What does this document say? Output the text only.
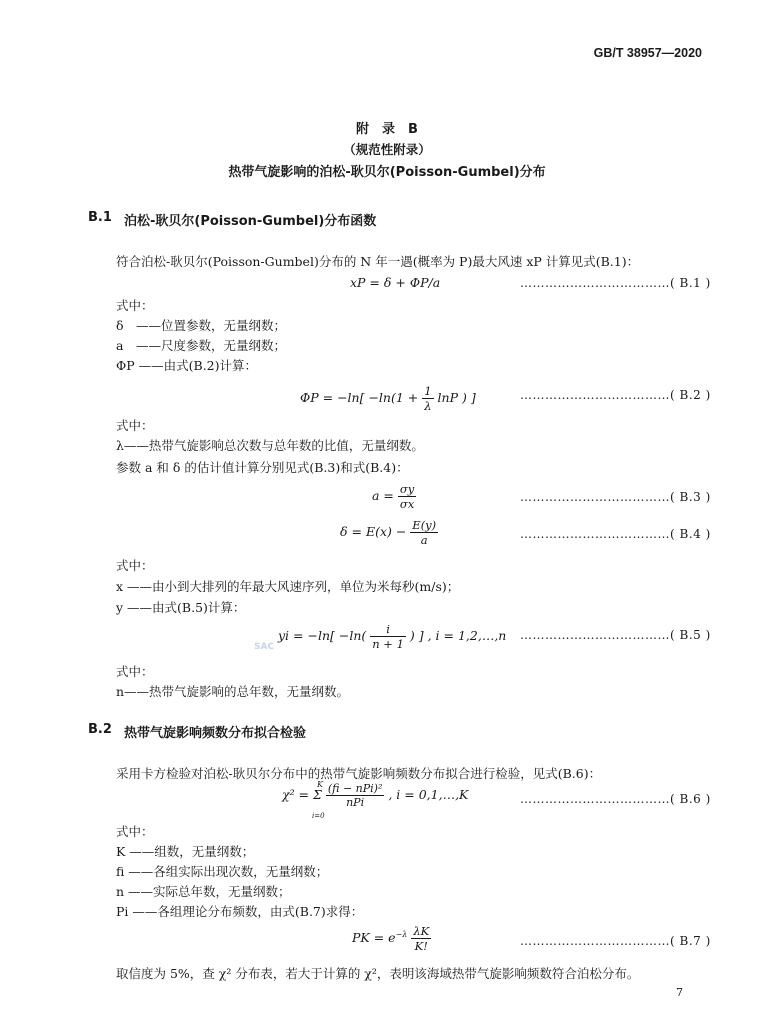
GB/T 38957—2020
附　录　B
（规范性附录）
热带气旋影响的泊松-耿贝尔(Poisson-Gumbel)分布
B.1 泊松-耿贝尔(Poisson-Gumbel)分布函数
符合泊松-耿贝尔(Poisson-Gumbel)分布的 N 年一遇(概率为 P)最大风速 xP 计算见式(B.1)：
xP = δ + ΦP/a	………………………………( B.1 )
式中：
δ　——位置参数，无量纲数；
a　——尺度参数，无量纲数；
ΦP ——由式(B.2)计算：
$\Phi P = -\ln[ -\ln(1 + \frac{1}{\lambda}$ lnP ) ]	………………………………( B.2 )
式中：
λ——热带气旋影响总次数与总年数的比值，无量纲数。
参数 a 和 δ 的估计值计算分别见式(B.3)和式(B.4)：
$a = \frac{\sigma y}{\sigma x}$	………………………………( B.3 )
$\delta = E(x) - \frac{E(y)}{a}$	………………………………( B.4 )
式中：
x ——由小到大排列的年最大风速序列，单位为米每秒(m/s)；
y ——由式(B.5)计算：
SAC
yi = $-\ln[ -\ln( \frac{i}{n + 1}$ ) ] , i = 1,2,…,n ………………………………( B.5 )
式中：
n——热带气旋影响的总年数，无量纲数。
B.2 热带气旋影响频数分布拟合检验
采用卡方检验对泊松-耿贝尔分布中的热带气旋影响频数分布拟合进行检验，见式(B.6)：
χ² = Σ $\frac{\text{(fi − nPi)²}}{\text{nPi}}$ , i = 0,1,…,K
K
i=0
………………………………( B.6 )
式中：
K ——组数，无量纲数；
fi ——各组实际出现次数，无量纲数；
n ——实际总年数，无量纲数；
Pi ——各组理论分布频数，由式(B.7)求得：
PK = $e^{-\lambda} \frac{\lambda K}{K!}$	………………………………( B.7 )
取信度为 5%，查 χ² 分布表，若大于计算的 χ²，表明该海域热带气旋影响频数符合泊松分布。
7
